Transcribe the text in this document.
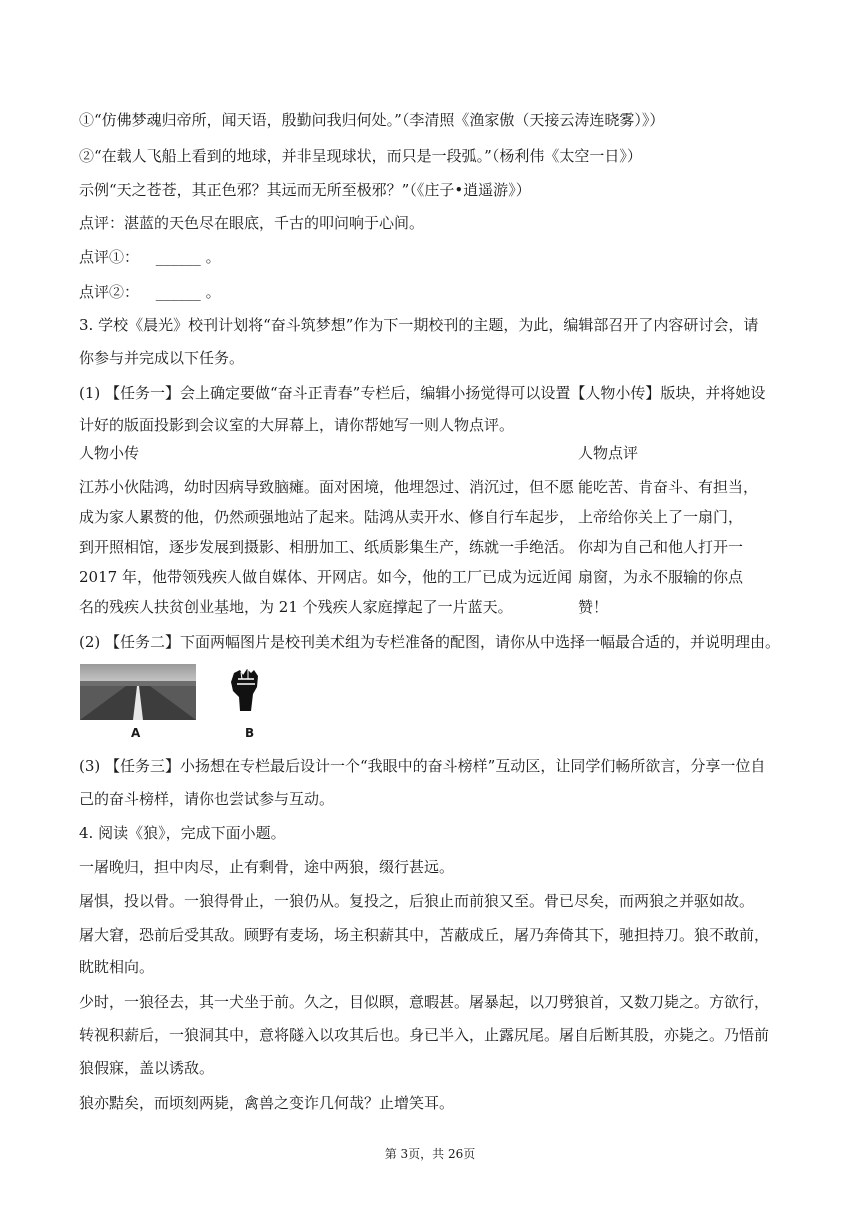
①“仿佛梦魂归帝所，闻天语，殷勤问我归何处。”（李清照《渔家傲（天接云涛连晓雾）》）
②“在载人飞船上看到的地球，并非呈现球状，而只是一段弧。”（杨利伟《太空一日》）
示例“天之苍苍，其正色邪？其远而无所至极邪？”（《庄子•逍遥游》）
点评：湛蓝的天色尽在眼底，千古的叩问响于心间。
点评①： ______ 。
点评②： ______ 。
3. 学校《晨光》校刊计划将“奋斗筑梦想”作为下一期校刊的主题，为此，编辑部召开了内容研讨会，请
你参与并完成以下任务。
(1) 【任务一】会上确定要做“奋斗正青春”专栏后，编辑小扬觉得可以设置【人物小传】版块，并将她设
计好的版面投影到会议室的大屏幕上，请你帮她写一则人物点评。
人物小传	人物点评
江苏小伙陆鸿，幼时因病导致脑瘫。面对困境，他埋怨过、消沉过，但不愿
成为家人累赘的他，仍然顽强地站了起来。陆鸿从卖开水、修自行车起步，
到开照相馆，逐步发展到摄影、相册加工、纸质影集生产，练就一手绝活。
2017 年，他带领残疾人做自媒体、开网店。如今，他的工厂已成为远近闻
名的残疾人扶贫创业基地，为 21 个残疾人家庭撑起了一片蓝天。
能吃苦、肯奋斗、有担当，
上帝给你关上了一扇门，
你却为自己和他人打开一
扇窗，为永不服输的你点
赞！
(2) 【任务二】下面两幅图片是校刊美术组为专栏准备的配图，请你从中选择一幅最合适的，并说明理由。
A	B
(3) 【任务三】小扬想在专栏最后设计一个“我眼中的奋斗榜样”互动区，让同学们畅所欲言，分享一位自
己的奋斗榜样，请你也尝试参与互动。
4. 阅读《狼》，完成下面小题。
一屠晚归，担中肉尽，止有剩骨，途中两狼，缀行甚远。
屠惧，投以骨。一狼得骨止，一狼仍从。复投之，后狼止而前狼又至。骨已尽矣，而两狼之并驱如故。
屠大窘，恐前后受其敌。顾野有麦场，场主积薪其中，苫蔽成丘，屠乃奔倚其下，驰担持刀。狼不敢前，
眈眈相向。
少时，一狼径去，其一犬坐于前。久之，目似瞑，意暇甚。屠暴起，以刀劈狼首，又数刀毙之。方欲行，
转视积薪后，一狼洞其中，意将隧入以攻其后也。身已半入，止露尻尾。屠自后断其股，亦毙之。乃悟前
狼假寐，盖以诱敌。
狼亦黠矣，而顷刻两毙，禽兽之变诈几何哉？止增笑耳。
第 3页，共 26页
